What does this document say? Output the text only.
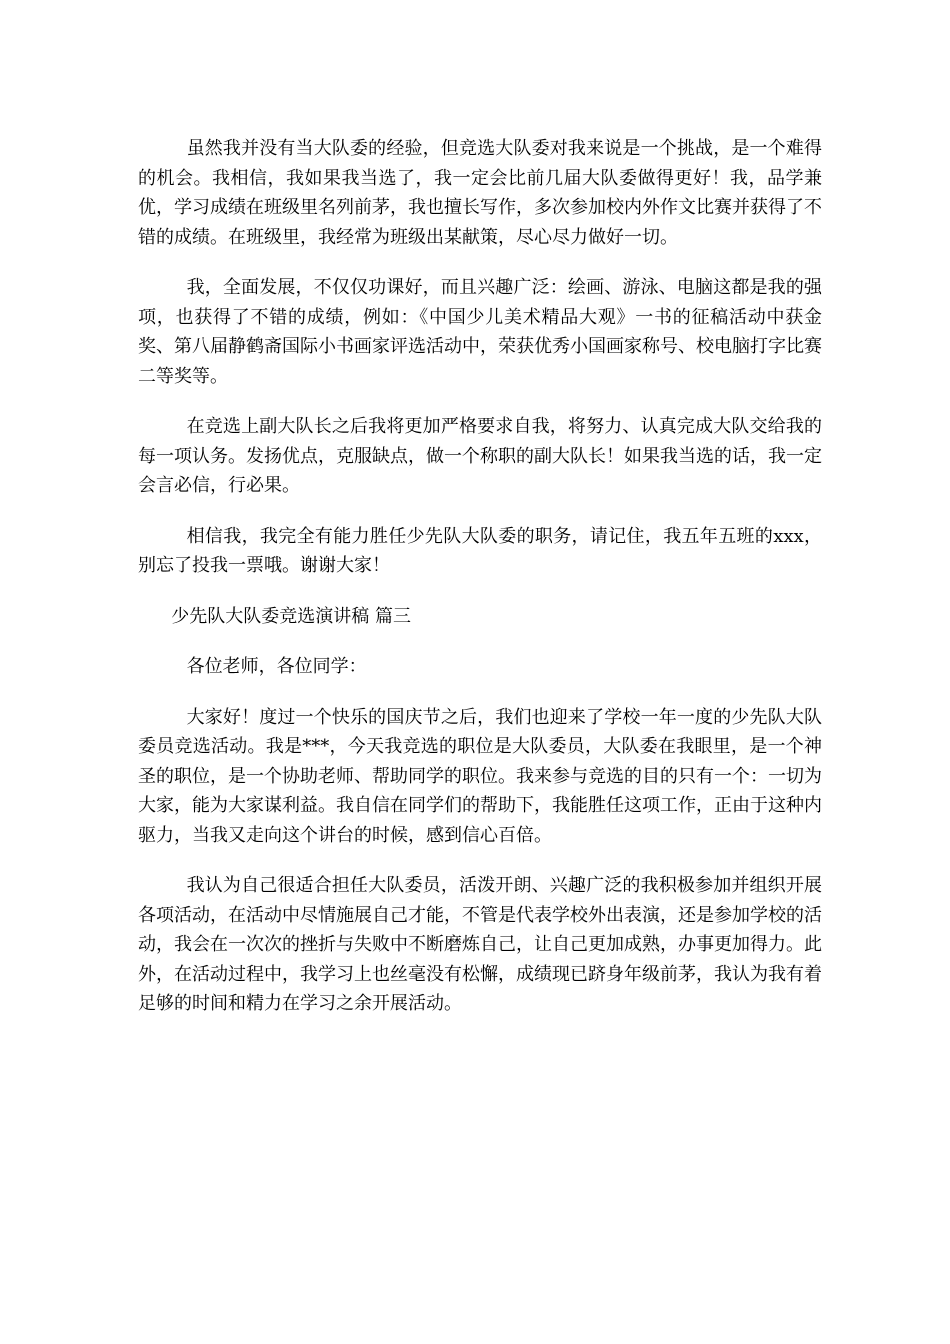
虽然我并没有当大队委的经验，但竞选大队委对我来说是一个挑战，是一个难得的机会。我相信，我如果我当选了，我一定会比前几届大队委做得更好！我，品学兼优，学习成绩在班级里名列前茅，我也擅长写作，多次参加校内外作文比赛并获得了不错的成绩。在班级里，我经常为班级出某献策，尽心尽力做好一切。

我，全面发展，不仅仅功课好，而且兴趣广泛：绘画、游泳、电脑这都是我的强项，也获得了不错的成绩，例如：《中国少儿美术精品大观》一书的征稿活动中获金奖、第八届静鹤斋国际小书画家评选活动中，荣获优秀小国画家称号、校电脑打字比赛二等奖等。

在竞选上副大队长之后我将更加严格要求自我，将努力、认真完成大队交给我的每一项认务。发扬优点，克服缺点，做一个称职的副大队长！如果我当选的话，我一定会言必信，行必果。

相信我，我完全有能力胜任少先队大队委的职务，请记住，我五年五班的xxx，别忘了投我一票哦。谢谢大家！

少先队大队委竞选演讲稿 篇三

各位老师，各位同学：

大家好！度过一个快乐的国庆节之后，我们也迎来了学校一年一度的少先队大队委员竞选活动。我是***，今天我竞选的职位是大队委员，大队委在我眼里，是一个神圣的职位，是一个协助老师、帮助同学的职位。我来参与竞选的目的只有一个：一切为大家，能为大家谋利益。我自信在同学们的帮助下，我能胜任这项工作，正由于这种内驱力，当我又走向这个讲台的时候，感到信心百倍。

我认为自己很适合担任大队委员，活泼开朗、兴趣广泛的我积极参加并组织开展各项活动，在活动中尽情施展自己才能，不管是代表学校外出表演，还是参加学校的活动，我会在一次次的挫折与失败中不断磨炼自己，让自己更加成熟，办事更加得力。此外，在活动过程中，我学习上也丝毫没有松懈，成绩现已跻身年级前茅，我认为我有着足够的时间和精力在学习之余开展活动。
